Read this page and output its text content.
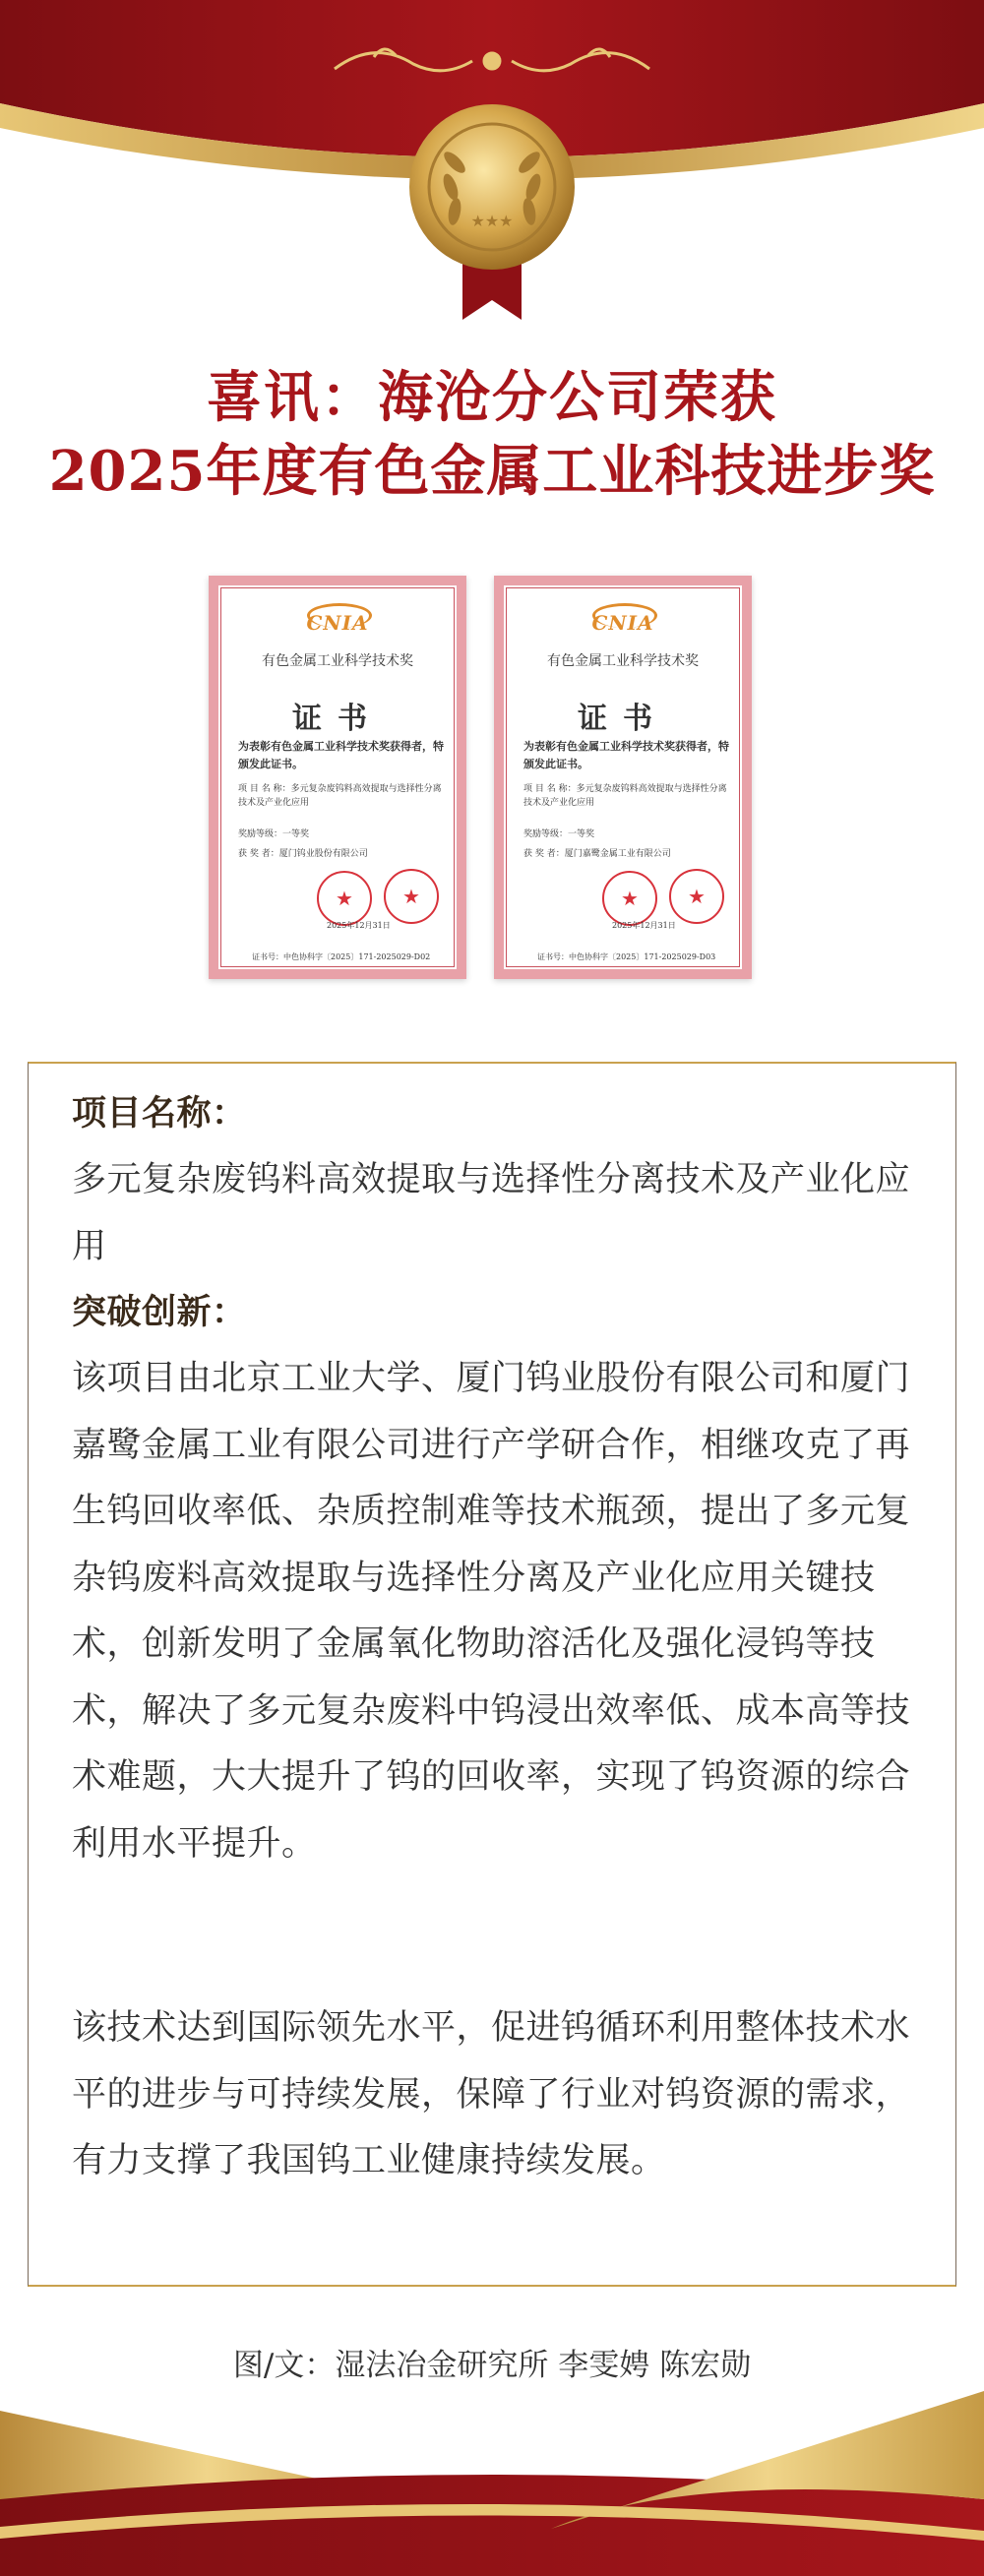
★★★
喜讯：海沧分公司荣获
2025年度有色金属工业科技进步奖
CNIA
有色金属工业科学技术奖
证书
为表彰有色金属工业科学技术奖获得者，特颁发此证书。
项 目 名 称：多元复杂废钨料高效提取与选择性分离技术及产业化应用
奖励等级：一等奖
获 奖 者：厦门钨业股份有限公司
★
★
2025年12月31日
证书号：中色协科字〔2025〕171-2025029-D02
CNIA
有色金属工业科学技术奖
证书
为表彰有色金属工业科学技术奖获得者，特颁发此证书。
项 目 名 称：多元复杂废钨料高效提取与选择性分离技术及产业化应用
奖励等级：一等奖
获 奖 者：厦门嘉鹭金属工业有限公司
★
★
2025年12月31日
证书号：中色协科字〔2025〕171-2025029-D03
项目名称：
多元复杂废钨料高效提取与选择性分离技术及产业化应用
突破创新：
该项目由北京工业大学、厦门钨业股份有限公司和厦门嘉鹭金属工业有限公司进行产学研合作，相继攻克了再生钨回收率低、杂质控制难等技术瓶颈，提出了多元复杂钨废料高效提取与选择性分离及产业化应用关键技术，创新发明了金属氧化物助溶活化及强化浸钨等技术，解决了多元复杂废料中钨浸出效率低、成本高等技术难题，大大提升了钨的回收率，实现了钨资源的综合利用水平提升。
该技术达到国际领先水平，促进钨循环利用整体技术水平的进步与可持续发展，保障了行业对钨资源的需求，有力支撑了我国钨工业健康持续发展。
图/文：湿法冶金研究所 李雯娉 陈宏勋
